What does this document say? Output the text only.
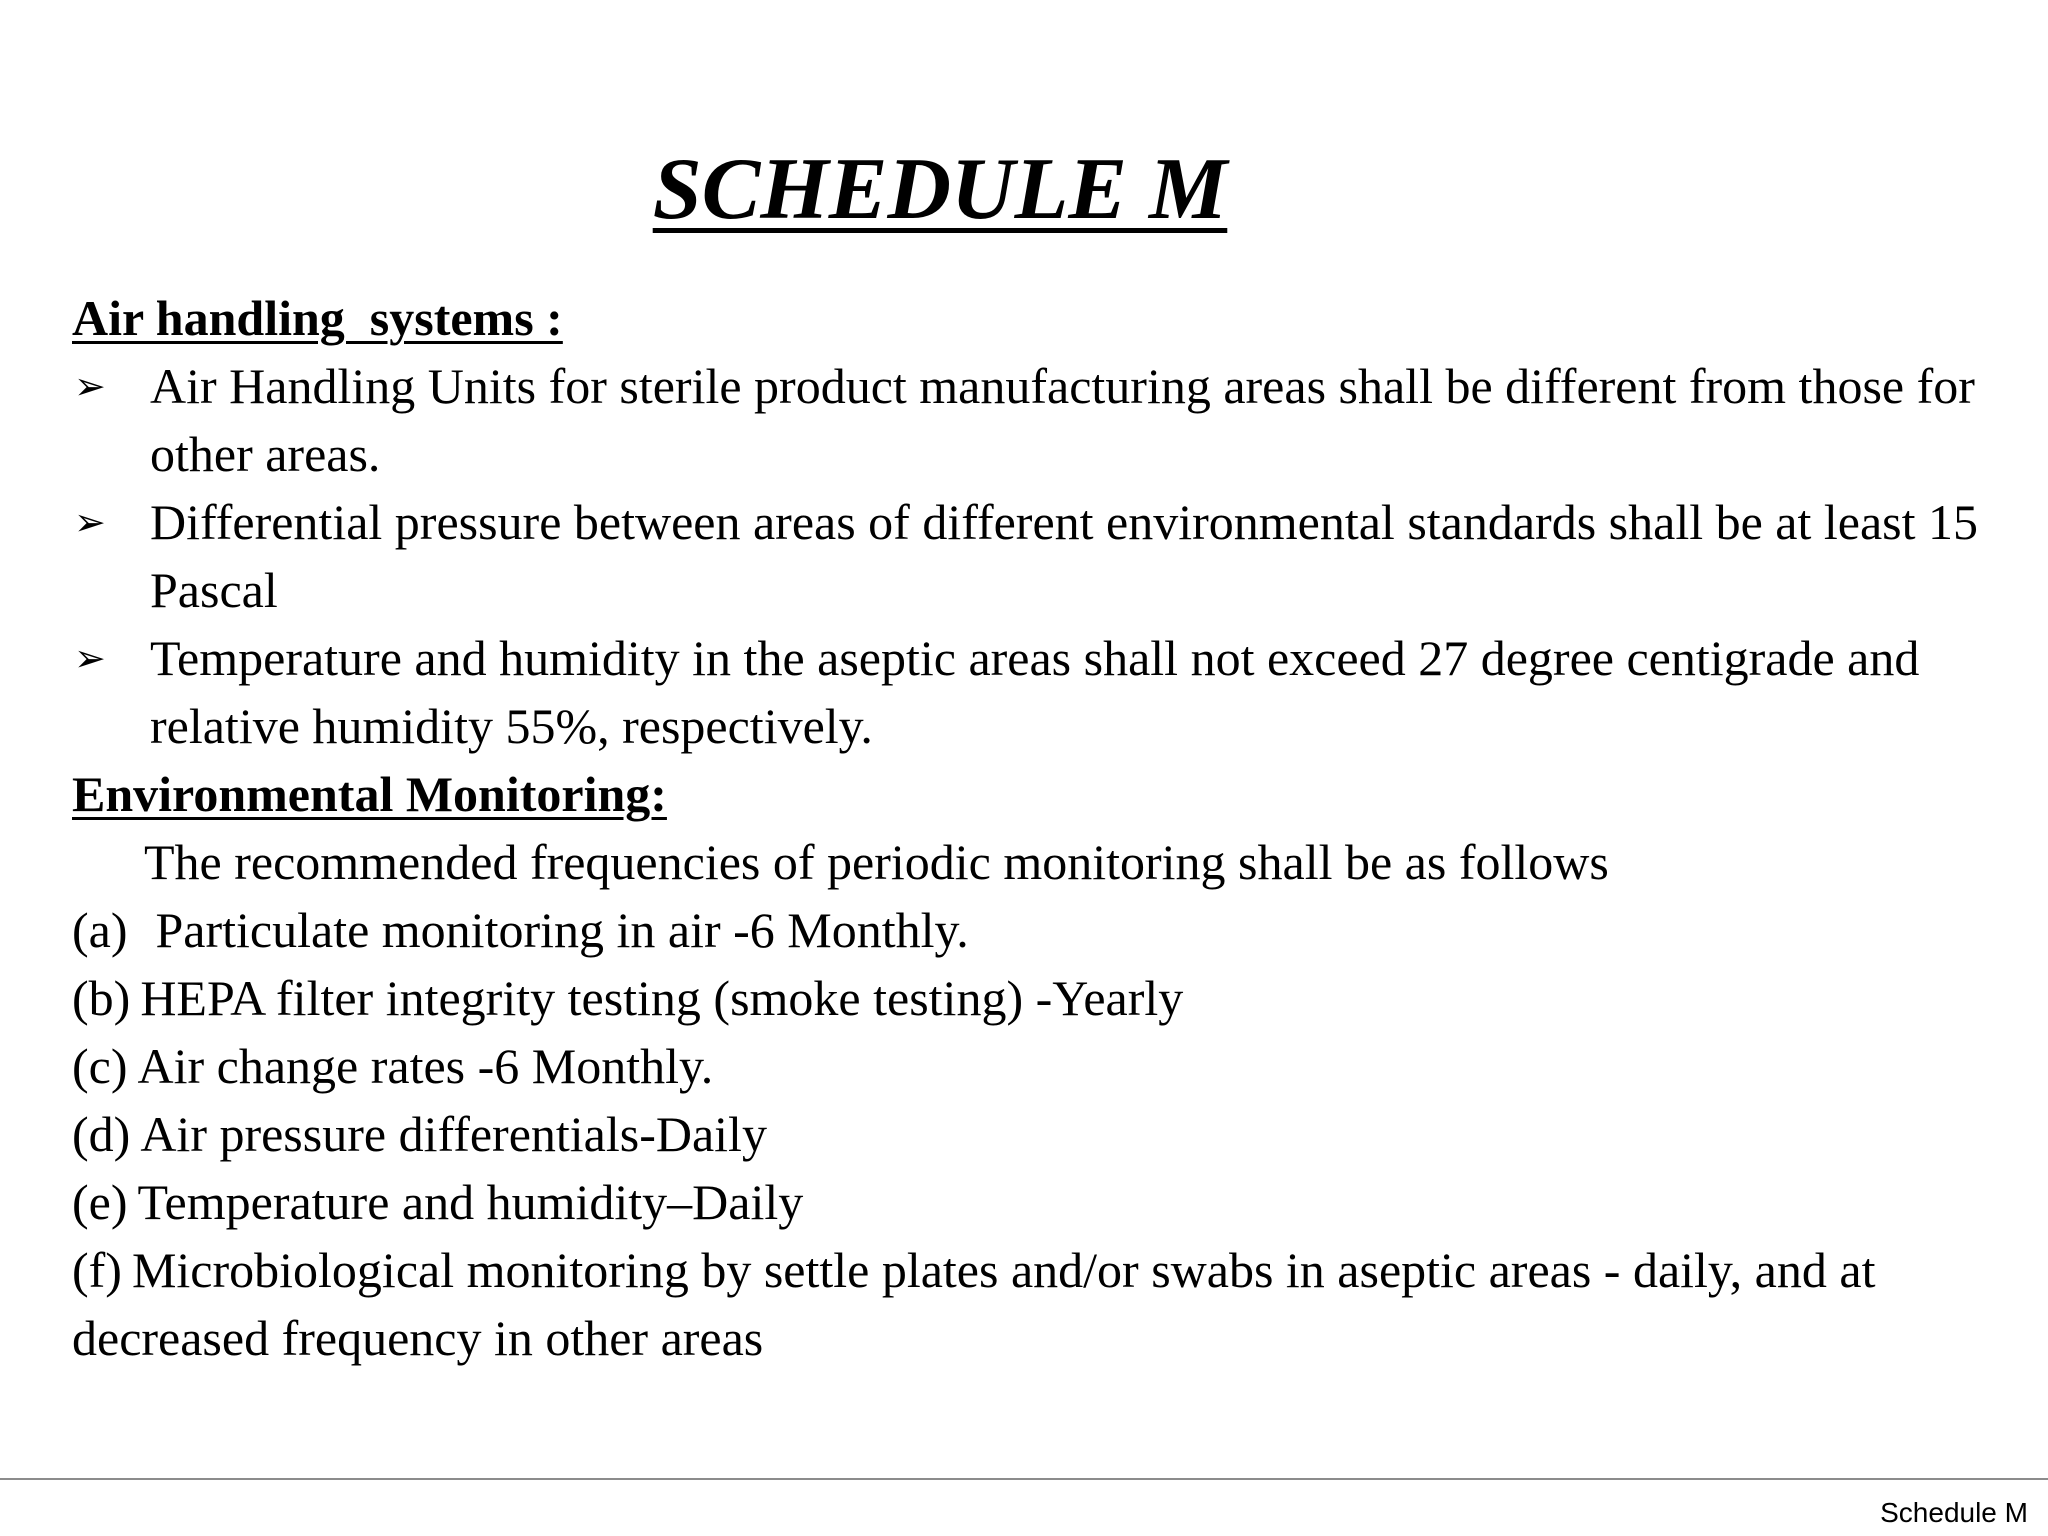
SCHEDULE M

Air handling  systems :

➢ Air Handling Units for sterile product manufacturing areas shall be different from those for other areas.
➢ Differential pressure between areas of different environmental standards shall be at least 15 Pascal
➢ Temperature and humidity in the aseptic areas shall not exceed 27 degree centigrade and relative humidity 55%, respectively.

Environmental Monitoring:

The recommended frequencies of periodic monitoring shall be as follows

(a) Particulate monitoring in air -6 Monthly.
(b) HEPA filter integrity testing (smoke testing) -Yearly
(c) Air change rates -6 Monthly.
(d) Air pressure differentials-Daily
(e) Temperature and humidity–Daily
(f) Microbiological monitoring by settle plates and/or swabs in aseptic areas - daily, and at decreased frequency in other areas
Schedule M
